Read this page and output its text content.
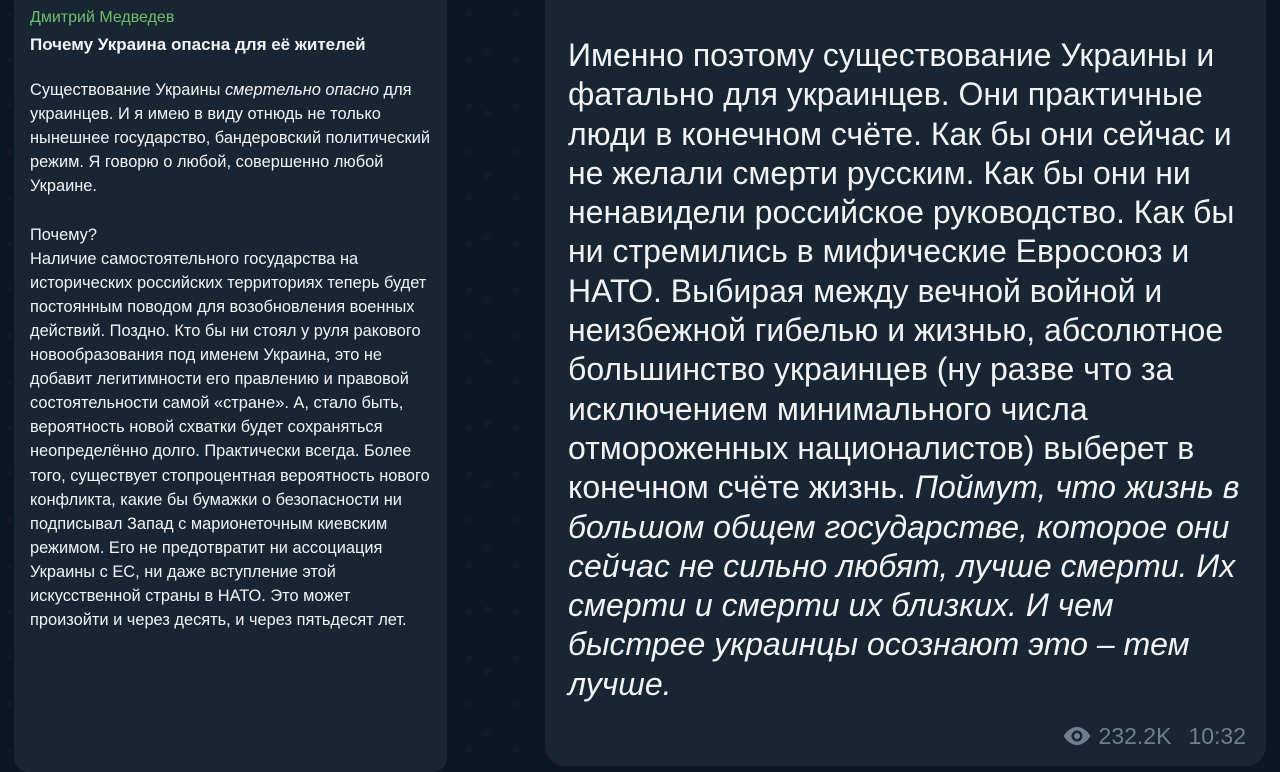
Дмитрий Медведев
Почему Украина опасна для её жителей

Существование Украины смертельно опасно для украинцев. И я имею в виду отнюдь не только нынешнее государство, бандеровский политический режим. Я говорю о любой, совершенно любой Украине.

Почему?
Наличие самостоятельного государства на исторических российских территориях теперь будет постоянным поводом для возобновления военных действий. Поздно. Кто бы ни стоял у руля ракового новообразования под именем Украина, это не добавит легитимности его правлению и правовой состоятельности самой «стране». А, стало быть, вероятность новой схватки будет сохраняться неопределённо долго. Практически всегда. Более того, существует стопроцентная вероятность нового конфликта, какие бы бумажки о безопасности ни подписывал Запад с марионеточным киевским режимом. Его не предотвратит ни ассоциация Украины с ЕС, ни даже вступление этой искусственной страны в НАТО. Это может произойти и через десять, и через пятьдесят лет.

Именно поэтому существование Украины и фатально для украинцев. Они практичные люди в конечном счёте. Как бы они сейчас и не желали смерти русским. Как бы они ни ненавидели российское руководство. Как бы ни стремились в мифические Евросоюз и НАТО. Выбирая между вечной войной и неизбежной гибелью и жизнью, абсолютное большинство украинцев (ну разве что за исключением минимального числа отмороженных националистов) выберет в конечном счёте жизнь. Поймут, что жизнь в большом общем государстве, которое они сейчас не сильно любят, лучше смерти. Их смерти и смерти их близких. И чем быстрее украинцы осознают это – тем лучше.

232.2K 10:32
